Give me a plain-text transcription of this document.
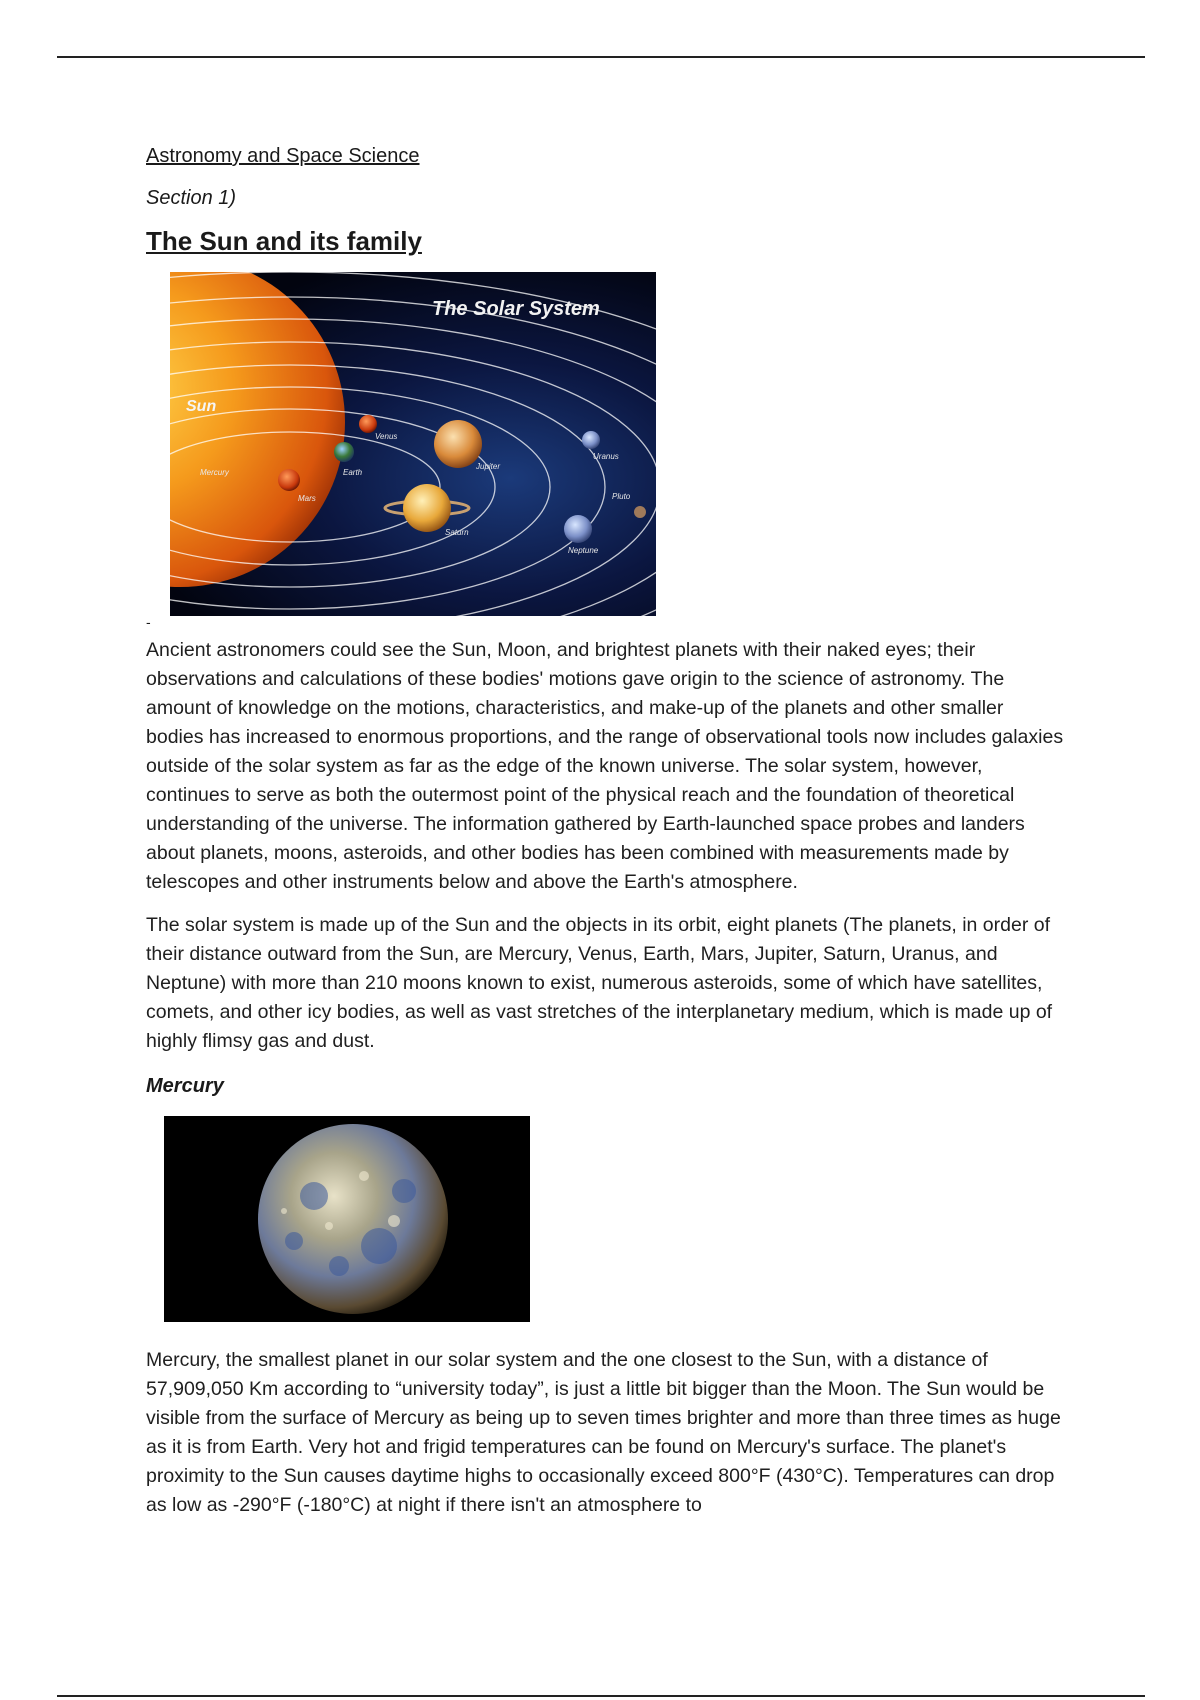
Astronomy and Space Science
Section 1)
The Sun and its family
The Solar System
Sun
Mercury
Venus
Earth
Mars
Jupiter
Saturn
Uranus
Neptune
Pluto
-

Ancient astronomers could see the Sun, Moon, and brightest planets with their naked eyes; their observations and calculations of these bodies' motions gave origin to the science of astronomy. The amount of knowledge on the motions, characteristics, and make-up of the planets and other smaller bodies has increased to enormous proportions, and the range of observational tools now includes galaxies outside of the solar system as far as the edge of the known universe. The solar system, however, continues to serve as both the outermost point of the physical reach and the foundation of theoretical understanding of the universe. The information gathered by Earth-launched space probes and landers about planets, moons, asteroids, and other bodies has been combined with measurements made by telescopes and other instruments below and above the Earth's atmosphere.

The solar system is made up of the Sun and the objects in its orbit, eight planets (The planets, in order of their distance outward from the Sun, are Mercury, Venus, Earth, Mars, Jupiter, Saturn, Uranus, and Neptune) with more than 210 moons known to exist, numerous asteroids, some of which have satellites, comets, and other icy bodies, as well as vast stretches of the interplanetary medium, which is made up of highly flimsy gas and dust.

Mercury

Mercury, the smallest planet in our solar system and the one closest to the Sun, with a distance of 57,909,050 Km according to “university today”, is just a little bit bigger than the Moon. The Sun would be visible from the surface of Mercury as being up to seven times brighter and more than three times as huge as it is from Earth. Very hot and frigid temperatures can be found on Mercury's surface. The planet's proximity to the Sun causes daytime highs to occasionally exceed 800°F (430°C). Temperatures can drop as low as -290°F (-180°C) at night if there isn't an atmosphere to
